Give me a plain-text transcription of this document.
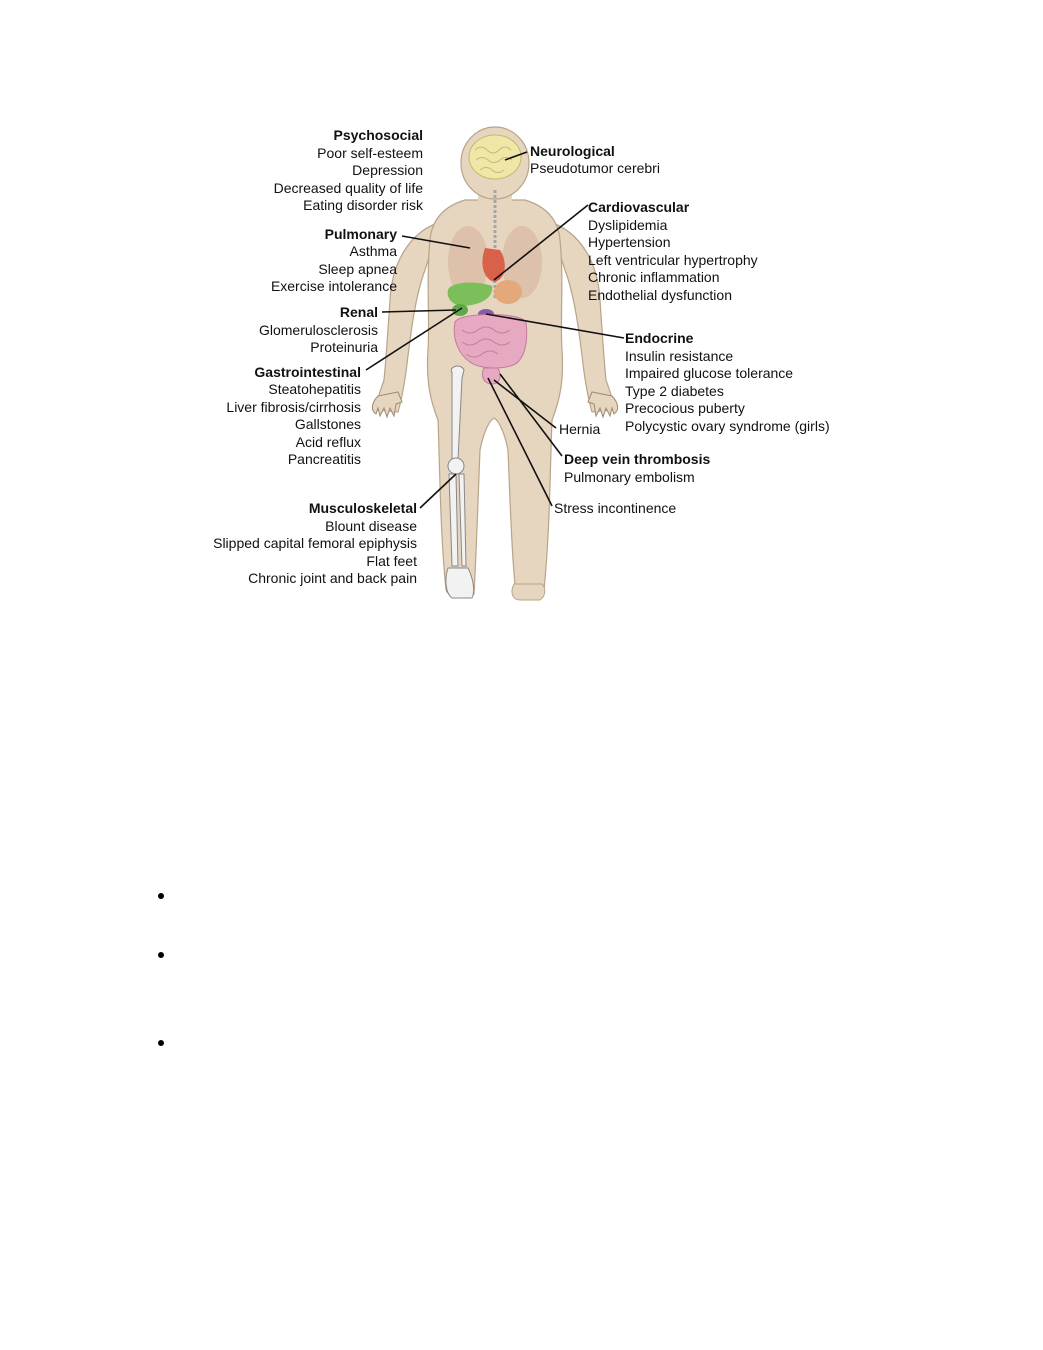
Psychosocial
Poor self-esteem
Depression
Decreased quality of life
Eating disorder risk
Pulmonary
Asthma
Sleep apnea
Exercise intolerance
Renal
Glomerulosclerosis
Proteinuria
Gastrointestinal
Steatohepatitis
Liver fibrosis/cirrhosis
Gallstones
Acid reflux
Pancreatitis
Musculoskeletal
Blount disease
Slipped capital femoral epiphysis
Flat feet
Chronic joint and back pain
Neurological
Pseudotumor cerebri
Cardiovascular
Dyslipidemia
Hypertension
Left ventricular hypertrophy
Chronic inflammation
Endothelial dysfunction
Endocrine
Insulin resistance
Impaired glucose tolerance
Type 2 diabetes
Precocious puberty
Polycystic ovary syndrome (girls)
Hernia
Deep vein thrombosis
Pulmonary embolism
Stress incontinence
